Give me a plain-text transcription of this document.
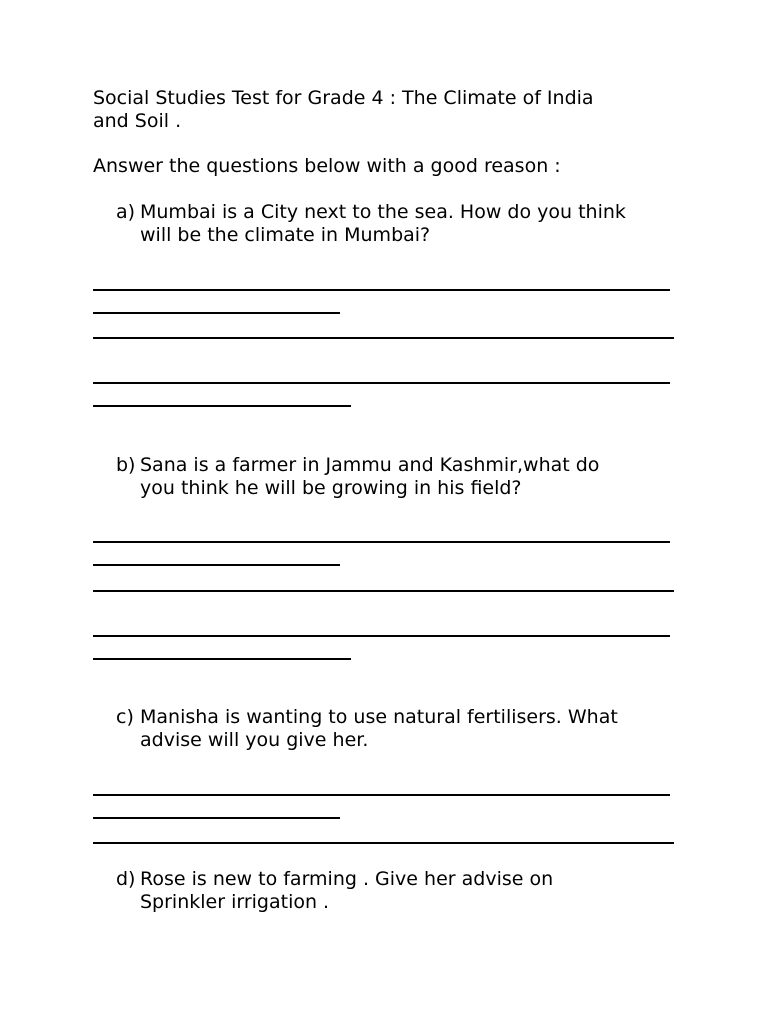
Social Studies Test for Grade 4 : The Climate of India
and Soil .
Answer the questions below with a good reason :
a) Mumbai is a City next to the sea. How do you think
will be the climate in Mumbai?
b) Sana is a farmer in Jammu and Kashmir,what do
you think he will be growing in his field?
c) Manisha is wanting to use natural fertilisers. What
advise will you give her.
d) Rose is new to farming . Give her advise on
Sprinkler irrigation .
